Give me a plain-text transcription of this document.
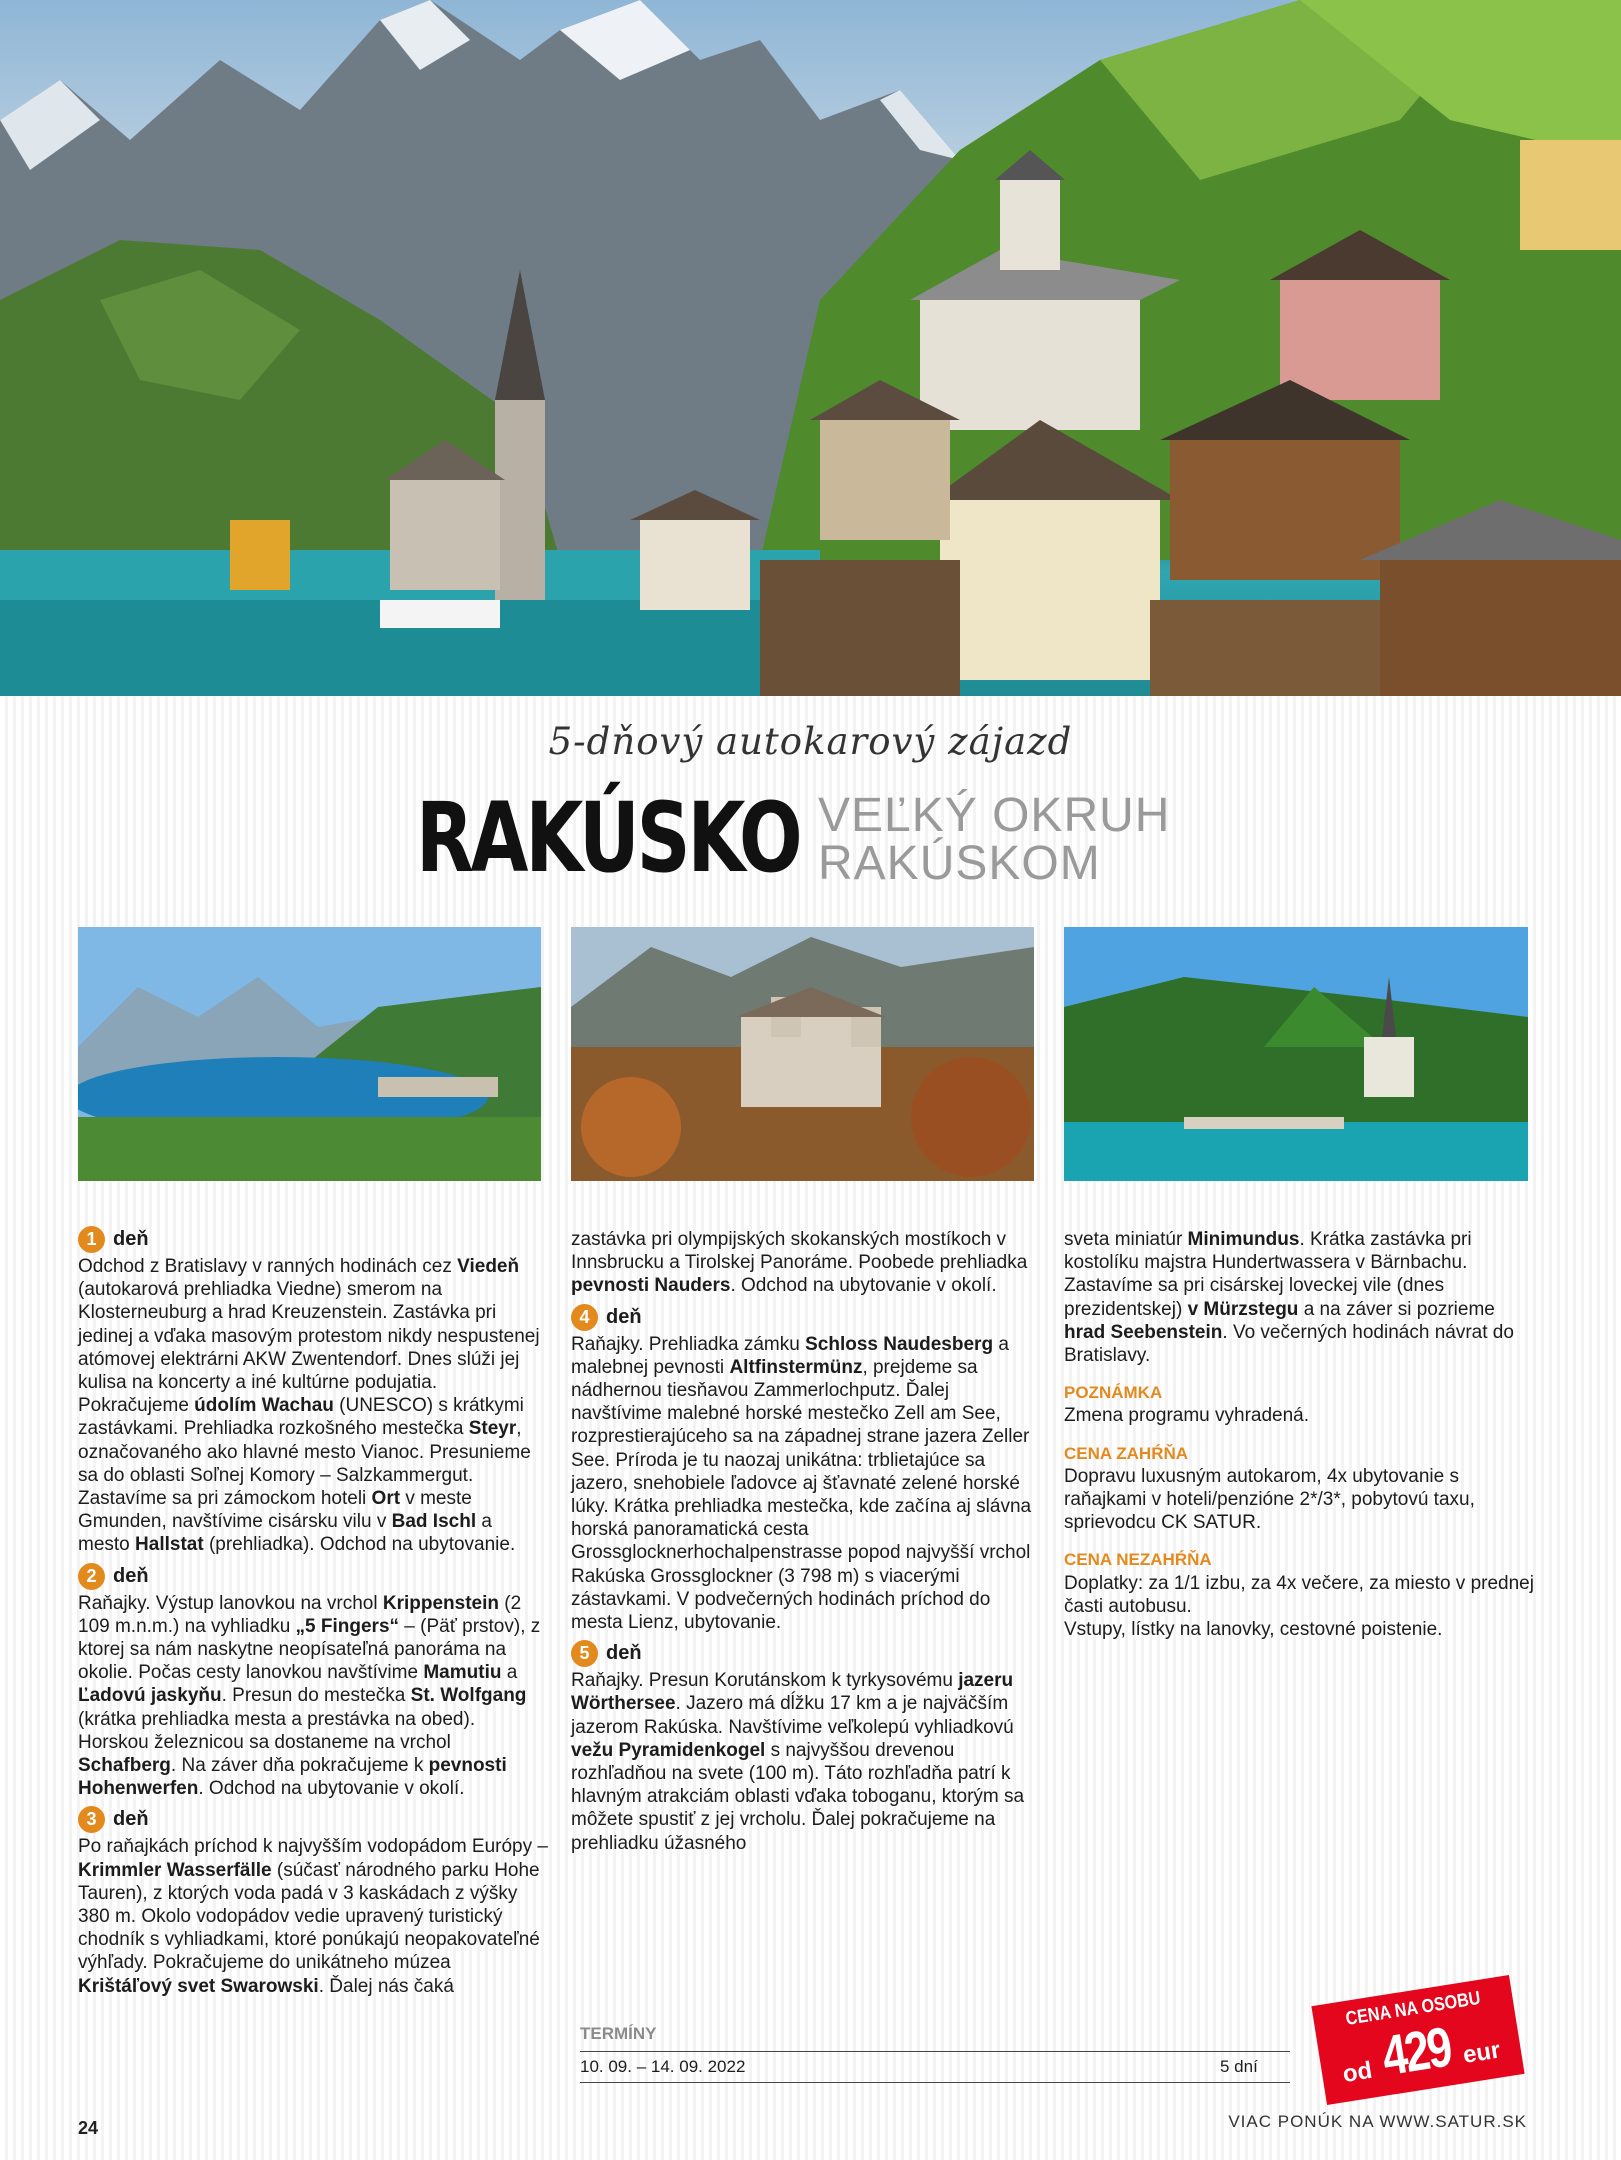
5-dňový autokarový zájazd
RAKÚSKO VEĽKÝ OKRUH
RAKÚSKOM
1 deň

Odchod z Bratislavy v ranných hodinách cez Viedeň (autokarová prehliadka Viedne) smerom na Klosterneuburg a hrad Kreuzenstein. Zastávka pri jedinej a vďaka masovým protestom nikdy nespustenej atómovej elektrárni AKW Zwentendorf. Dnes slúži jej kulisa na koncerty a iné kultúrne podujatia. Pokračujeme údolím Wachau (UNESCO) s krátkymi zastávkami. Prehliadka rozkošného mestečka Steyr, označovaného ako hlavné mesto Vianoc. Presunieme sa do oblasti Soľnej Komory – Salzkammergut. Zastavíme sa pri zámockom hoteli Ort v meste Gmunden, navštívime cisársku vilu v Bad Ischl a mesto Hallstat (prehliadka). Odchod na ubytovanie.

2 deň

Raňajky. Výstup lanovkou na vrchol Krippenstein (2 109 m.n.m.) na vyhliadku „5 Fingers“ – (Päť prstov), z ktorej sa nám naskytne neopísateľná panoráma na okolie. Počas cesty lanovkou navštívime Mamutiu a Ľadovú jaskyňu. Presun do mestečka St. Wolfgang (krátka prehliadka mesta a prestávka na obed). Horskou železnicou sa dostaneme na vrchol Schafberg. Na záver dňa pokračujeme k pevnosti Hohenwerfen. Odchod na ubytovanie v okolí.

3 deň

Po raňajkách príchod k najvyšším vodopádom Európy – Krimmler Wasserfälle (súčasť národného parku Hohe Tauren), z ktorých voda padá v 3 kaskádach z výšky 380 m. Okolo vodopádov vedie upravený turistický chodník s vyhliadkami, ktoré ponúkajú neopakovateľné výhľady. Pokračujeme do unikátneho múzea Krištáľový svet Swarowski. Ďalej nás čaká

zastávka pri olympijských skokanských mostíkoch v Innsbrucku a Tirolskej Panoráme. Poobede prehliadka pevnosti Nauders. Odchod na ubytovanie v okolí.

4 deň

Raňajky. Prehliadka zámku Schloss Naudesberg a malebnej pevnosti Altfinstermünz, prejdeme sa nádhernou tiesňavou Zammerlochputz. Ďalej navštívime malebné horské mestečko Zell am See, rozprestierajúceho sa na západnej strane jazera Zeller See. Príroda je tu naozaj unikátna: trblietajúce sa jazero, snehobiele ľadovce aj šťavnaté zelené horské lúky. Krátka prehliadka mestečka, kde začína aj slávna horská panoramatická cesta Grossglocknerhochalpenstrasse popod najvyšší vrchol Rakúska Grossglockner (3 798 m) s viacerými zástavkami. V podvečerných hodinách príchod do mesta Lienz, ubytovanie.

5 deň

Raňajky. Presun Korutánskom k tyrkysovému jazeru Wörthersee. Jazero má dĺžku 17 km a je najväčším jazerom Rakúska. Navštívime veľkolepú vyhliadkovú vežu Pyramidenkogel s najvyššou drevenou rozhľadňou na svete (100 m). Táto rozhľadňa patrí k hlavným atrakciám oblasti vďaka toboganu, ktorým sa môžete spustiť z jej vrcholu. Ďalej pokračujeme na prehliadku úžasného

sveta miniatúr Minimundus. Krátka zastávka pri kostolíku majstra Hundertwassera v Bärnbachu. Zastavíme sa pri cisárskej loveckej vile (dnes prezidentskej) v Mürzstegu a na záver si pozrieme hrad Seebenstein. Vo večerných hodinách návrat do Bratislavy.

POZNÁMKA

Zmena programu vyhradená.

CENA ZAHŔŇA

Dopravu luxusným autokarom, 4x ubytovanie s raňajkami v hoteli/penzióne 2*/3*, pobytovú taxu, sprievodcu CK SATUR.

CENA NEZAHŔŇA

Doplatky: za 1/1 izbu, za 4x večere, za miesto v prednej časti autobusu.

Vstupy, lístky na lanovky, cestovné poistenie.

TERMÍNY
10. 09. – 14. 09. 2022	5 dní
CENA NA OSOBU
od 429 eur
24	VIAC PONÚK NA WWW.SATUR.SK
